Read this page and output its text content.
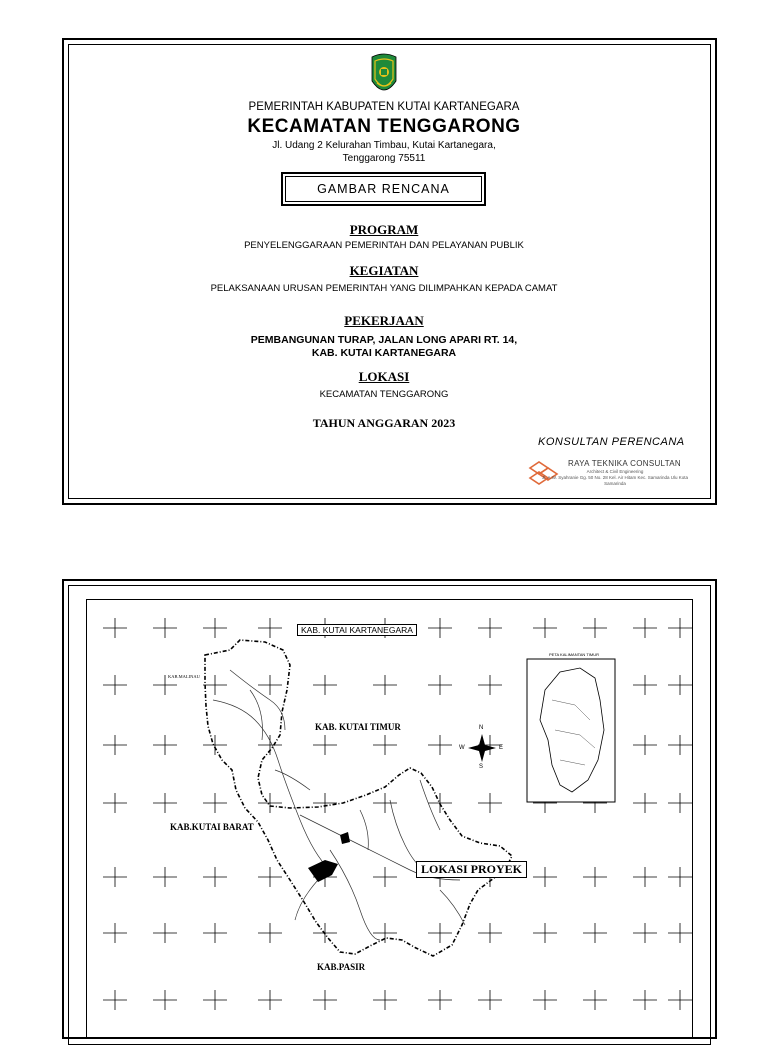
PEMERINTAH KABUPATEN KUTAI KARTANEGARA
KECAMATAN TENGGARONG
Jl. Udang 2 Kelurahan Timbau, Kutai Kartanegara,
Tenggarong 75511
GAMBAR RENCANA
PROGRAM
PENYELENGGARAAN PEMERINTAH DAN PELAYANAN PUBLIK
KEGIATAN
PELAKSANAAN URUSAN PEMERINTAH YANG DILIMPAHKAN KEPADA CAMAT
PEKERJAAN
PEMBANGUNAN TURAP, JALAN LONG APARI RT. 14,
KAB. KUTAI KARTANEGARA
LOKASI
KECAMATAN TENGGARONG
TAHUN ANGGARAN 2023
KONSULTAN PERENCANA
RAYA TEKNIKA CONSULTAN
Architect & Civil Engineering
Jl. A.W. Syahranie Gg. 50 No. 28 Kel. Air Hitam Kec. Samarinda Ulu Kota Samarinda
KAB. KUTAI KARTANEGARA
KAB. KUTAI TIMUR
KAB.KUTAI BARAT
KAB.PASIR
KAB.MALINAU
LOKASI PROYEK
PETA KALIMANTAN TIMUR
N
S
W	E
